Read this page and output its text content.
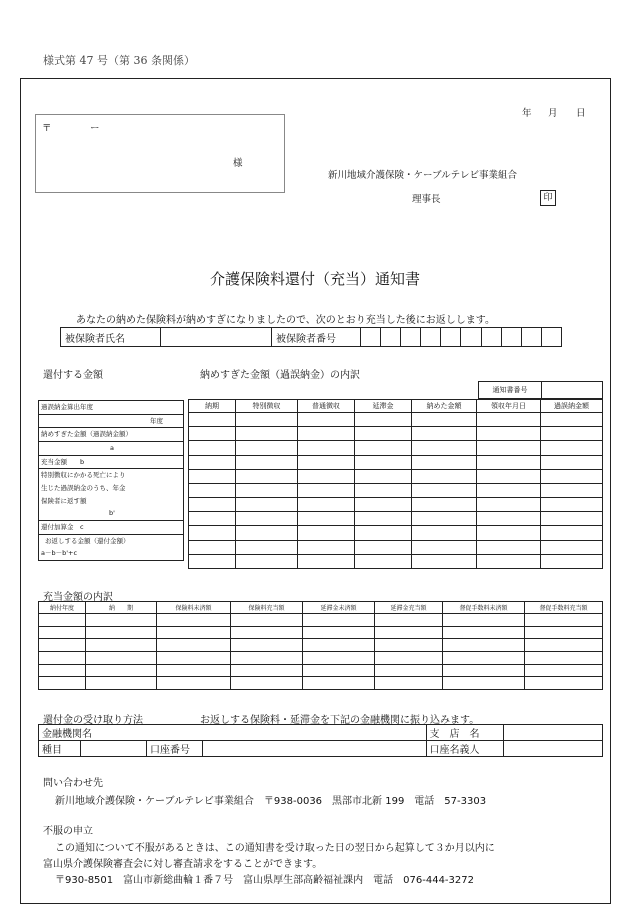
様式第 47 号（第 36 条関係）
年 月 日
〒	ー
様
新川地域介護保険・ケーブルテレビ事業組合
理事長	印
介護保険料還付（充当）通知書
あなたの納めた保険料が納めすぎになりましたので、次のとおり充当した後にお返しします。
被保険者氏名		被保険者番号										
還付する金額	納めすぎた金額（過誤納金）の内訳
過誤納金算出年度
年度
納めすぎた金額（過誤納金額）
a
充当金額　　b
特別徴収にかかる死亡により
生じた過誤納金のうち、年金
保険者に返す額
b'
還付加算金　c
お返しする金額（還付金額）
a－b－b'+c
通知書番号	
納期	特別徴収	普通徴収	延滞金	納めた金額	領収年月日	過誤納金額

充当金額の内訳
納付年度	納　　期	保険料未済額	保険料充当額	延滞金未済額	延滞金充当額	督促手数料未済額	督促手数料充当額

還付金の受け取り方法	お返しする保険料・延滞金を下記の金融機関に振り込みます。
金融機関名				支　店　名	
種目		口座番号		口座名義人	
問い合わせ先
新川地域介護保険・ケーブルテレビ事業組合　〒938-0036　黒部市北新 199　電話　57-3303
不服の申立
この通知について不服があるときは、この通知書を受け取った日の翌日から起算して３か月以内に
富山県介護保険審査会に対し審査請求をすることができます。
〒930-8501　富山市新総曲輪１番７号　富山県厚生部高齢福祉課内　電話　076-444-3272
